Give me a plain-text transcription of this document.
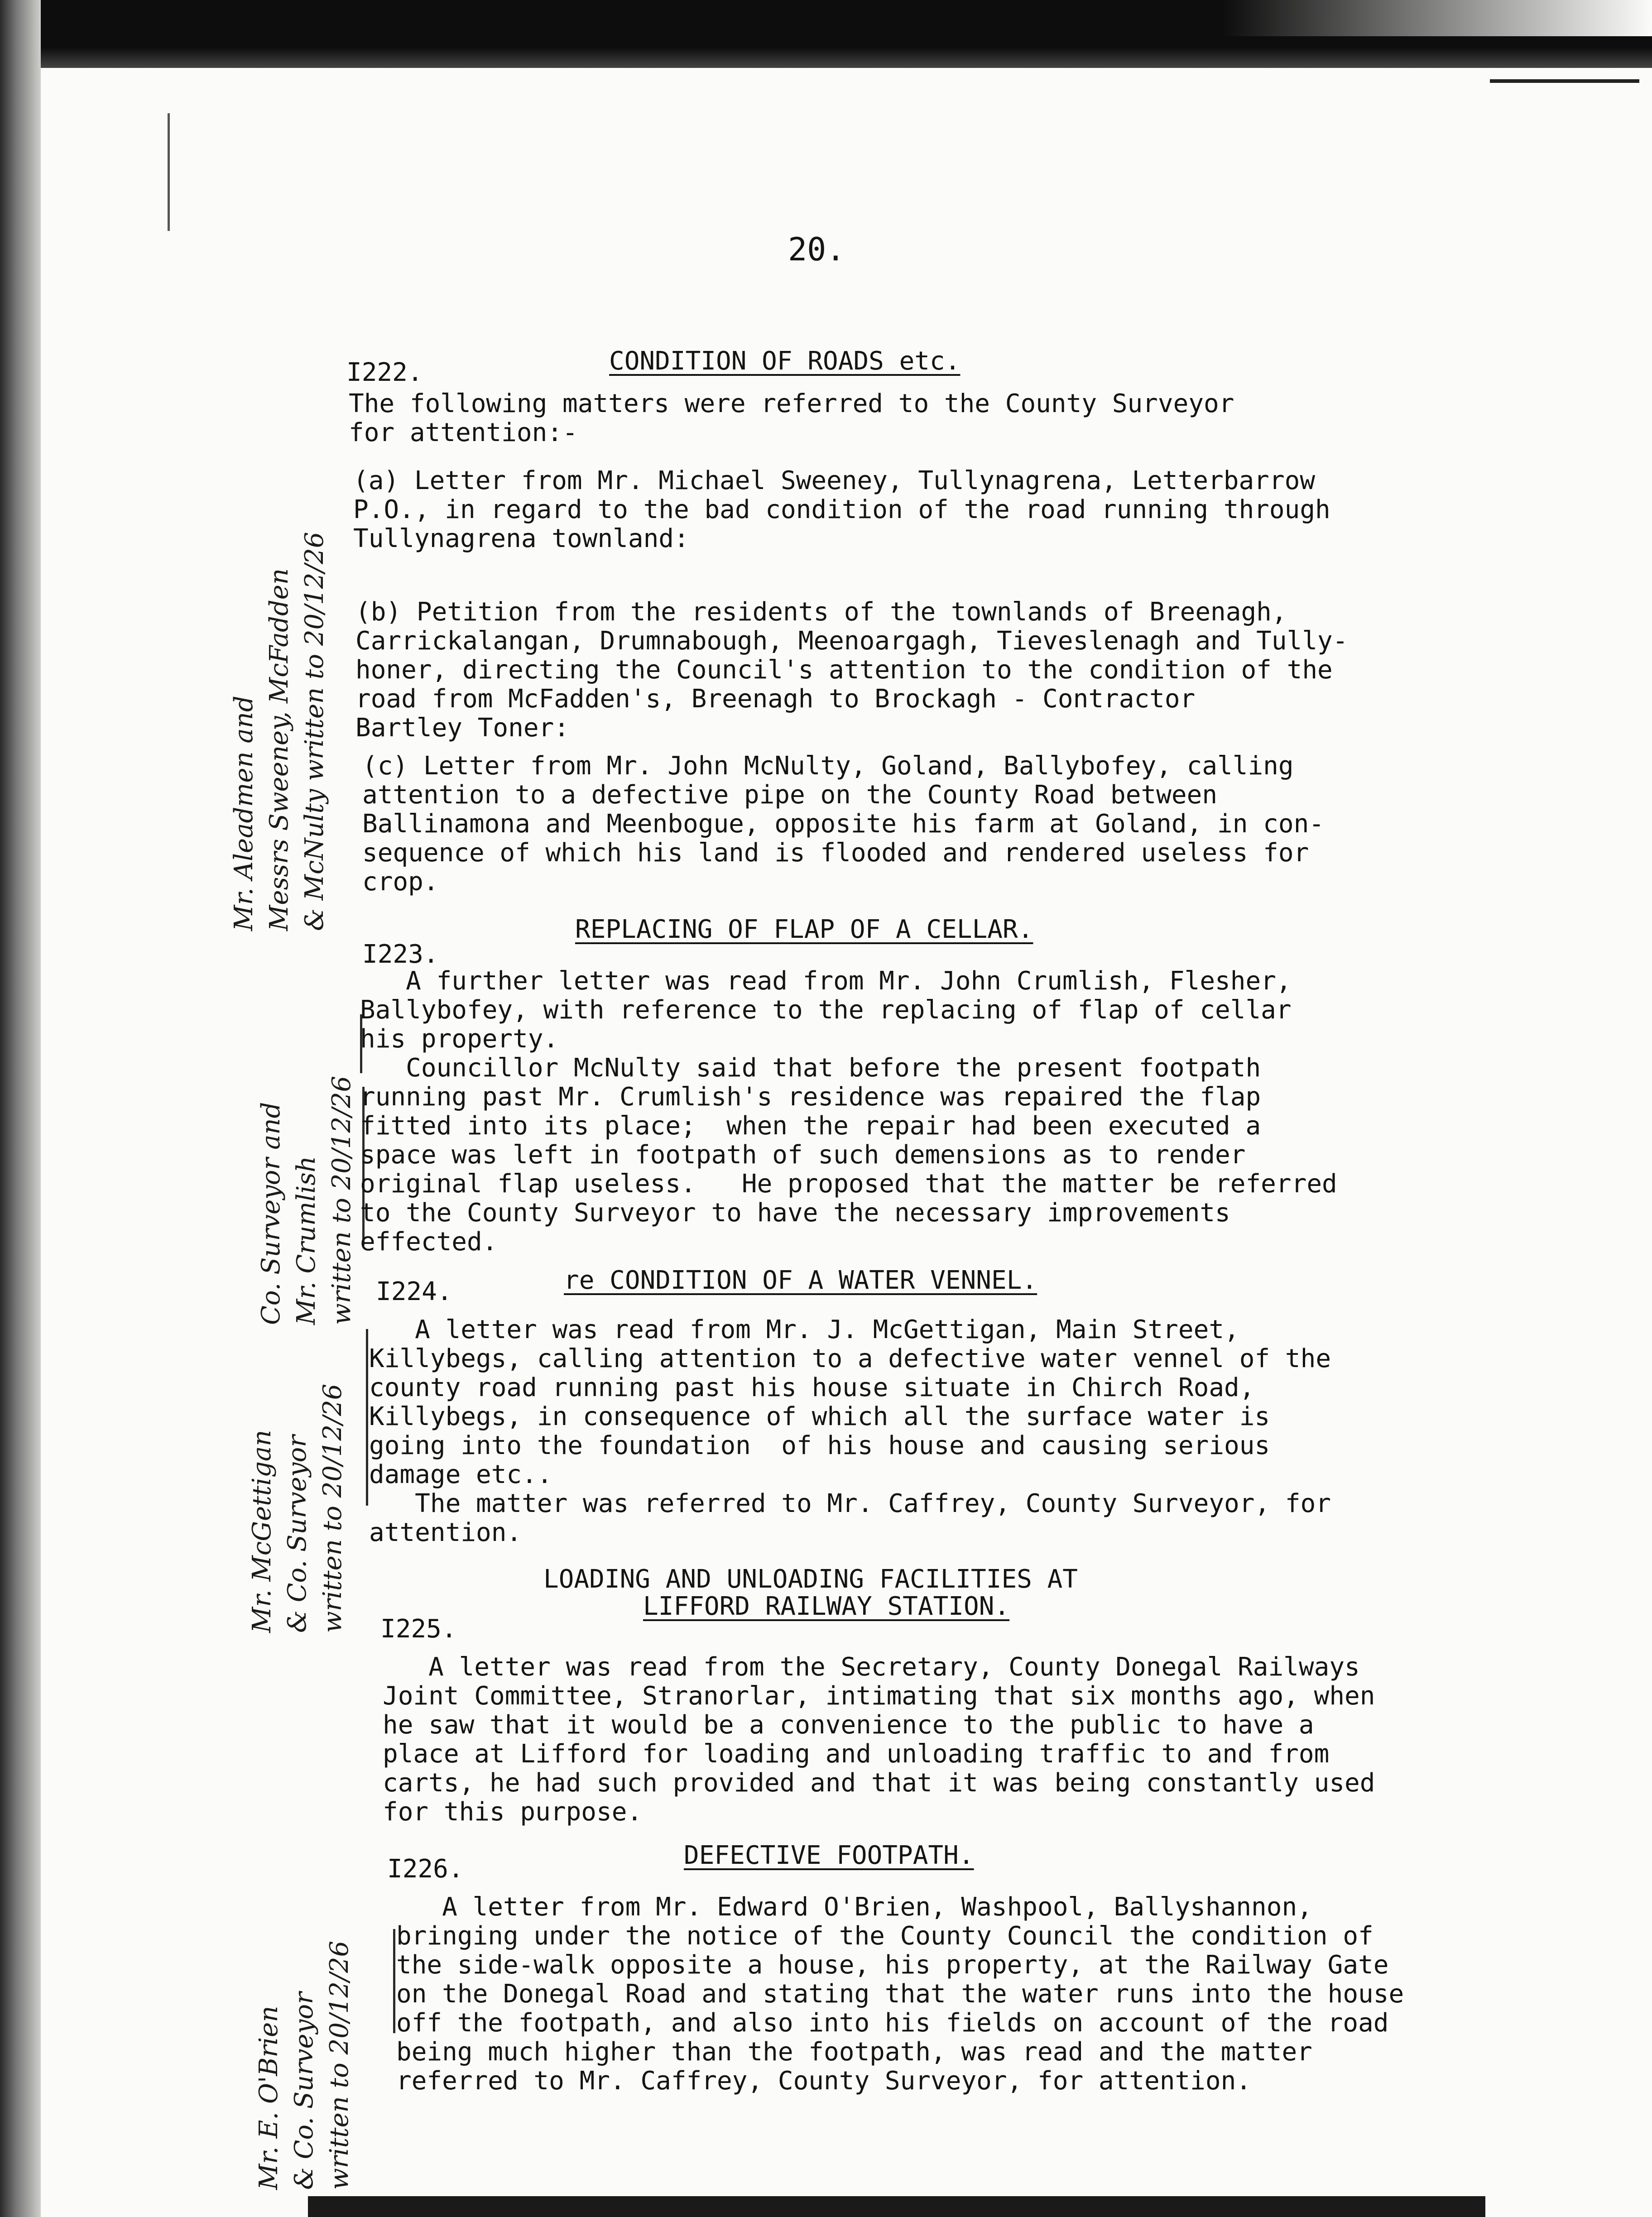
20.
I222.	CONDITION OF ROADS etc.
The following matters were referred to the County Surveyor
for attention:-
(a) Letter from Mr. Michael Sweeney, Tullynagrena, Letterbarrow
P.O., in regard to the bad condition of the road running through
Tullynagrena townland:
(b) Petition from the residents of the townlands of Breenagh,
Carrickalangan, Drumnabough, Meenoargagh, Tieveslenagh and Tully-
honer, directing the Council's attention to the condition of the
road from McFadden's, Breenagh to Brockagh - Contractor
Bartley Toner:
(c) Letter from Mr. John McNulty, Goland, Ballybofey, calling
attention to a defective pipe on the County Road between
Ballinamona and Meenbogue, opposite his farm at Goland, in con-
sequence of which his land is flooded and rendered useless for
crop.
Mr. Aleadmen and
Messrs Sweeney, McFadden
& McNulty written to 20/12/26
I223.
REPLACING OF FLAP OF A CELLAR.
A further letter was read from Mr. John Crumlish, Flesher,
Ballybofey, with reference to the replacing of flap of cellar
his property.
Councillor McNulty said that before the present footpath
running past Mr. Crumlish's residence was repaired the flap
fitted into its place;  when the repair had been executed a
space was left in footpath of such demensions as to render
original flap useless.   He proposed that the matter be referred
to the County Surveyor to have the necessary improvements
effected.
Co. Surveyor and
Mr. Crumlish
written to 20/12/26
I224.	re CONDITION OF A WATER VENNEL.
A letter was read from Mr. J. McGettigan, Main Street,
Killybegs, calling attention to a defective water vennel of the
county road running past his house situate in Chirch Road,
Killybegs, in consequence of which all the surface water is
going into the foundation  of his house and causing serious
damage etc..
The matter was referred to Mr. Caffrey, County Surveyor, for
attention.
Mr. McGettigan
& Co. Surveyor
written to 20/12/26
LOADING AND UNLOADING FACILITIES AT
LIFFORD RAILWAY STATION.
I225.
A letter was read from the Secretary, County Donegal Railways
Joint Committee, Stranorlar, intimating that six months ago, when
he saw that it would be a convenience to the public to have a
place at Lifford for loading and unloading traffic to and from
carts, he had such provided and that it was being constantly used
for this purpose.
I226.	DEFECTIVE FOOTPATH.
A letter from Mr. Edward O'Brien, Washpool, Ballyshannon,
bringing under the notice of the County Council the condition of
the side-walk opposite a house, his property, at the Railway Gate
on the Donegal Road and stating that the water runs into the house
off the footpath, and also into his fields on account of the road
being much higher than the footpath, was read and the matter
referred to Mr. Caffrey, County Surveyor, for attention.
Mr. E. O'Brien
& Co. Surveyor
written to 20/12/26
